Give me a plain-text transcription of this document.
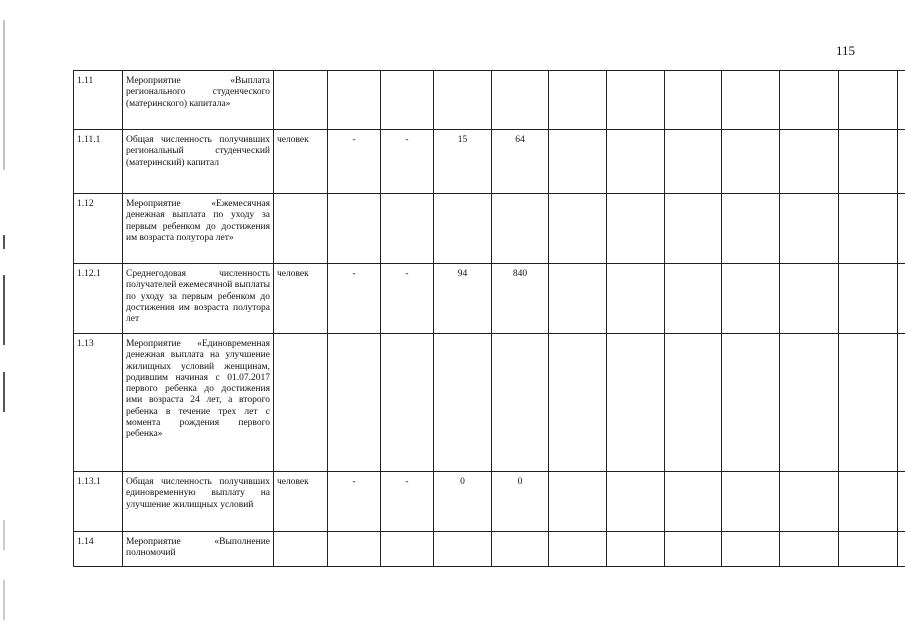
115
1.11	Мероприятие «Выплата регионального студенческого (материнского) капитала»												
1.11.1	Общая численность получивших региональный студенческий (материнский) капитал	человек	-	-	15	64							
1.12	Мероприятие «Ежемесячная денежная выплата по уходу за первым ребенком до достижения им возраста полутора лет»												
1.12.1	Среднегодовая численность получателей ежемесячной выплаты по уходу за первым ребенком до достижения им возраста полутора лет	человек	-	-	94	840							
1.13	Мероприятие «Единовременная денежная выплата на улучшение жилищных условий женщинам, родившим начиная с 01.07.2017 первого ребенка до достижения ими возраста 24 лет, а второго ребенка в течение трех лет с момента рождения первого ребенка»												
1.13.1	Общая численность получивших единовременную выплату на улучшение жилищных условий	человек	-	-	0	0							
1.14	Мероприятие «Выполнение полномочий												
